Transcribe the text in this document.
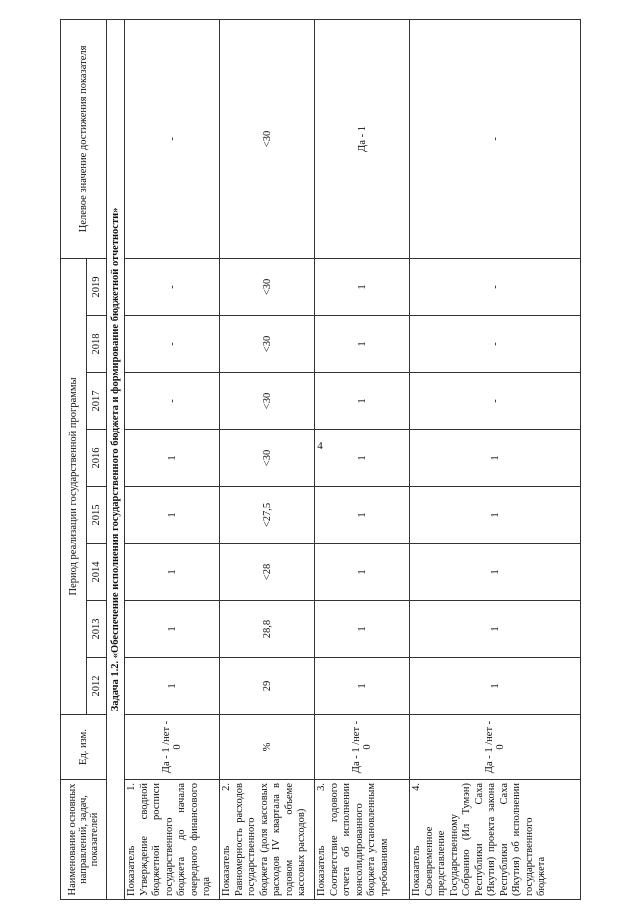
4
Наименование основных направлений, задач, показателей	Ед. изм.	Период реализации государственной программы								Целевое значение достижения показателя
		2012	2013	2014	2015	2016	2017	2018	2019	
Задача 1.2. «Обеспечение исполнения государственного бюджета и формирование бюджетной отчетности»										
Показатель 1. Утверждение сводной бюджетной росписи государственного бюджета до начала очередного финансового года	Да - 1 /нет - 0	1	1	1	1	1	-	-	-	-
Показатель 2. Равномерность расходов государственного бюджета (доля кассовых расходов IV квартала в годовом объеме кассовых расходов)	%	29	28,8	<28	<27,5	<30	<30	<30	<30	<30
Показатель 3. Соответствие годового отчета об исполнении консолидированного бюджета установленным требованиям	Да - 1 /нет - 0	1	1	1	1	1	1	1	1	Да - 1
Показатель 4. Своевременное представление Государственному Собранию (Ил Тумэн) Республики Саха (Якутия) проекта закона Республики Саха (Якутия) об исполнении государственного бюджета	Да - 1 /нет - 0	1	1	1	1	1	-	-	-	-
